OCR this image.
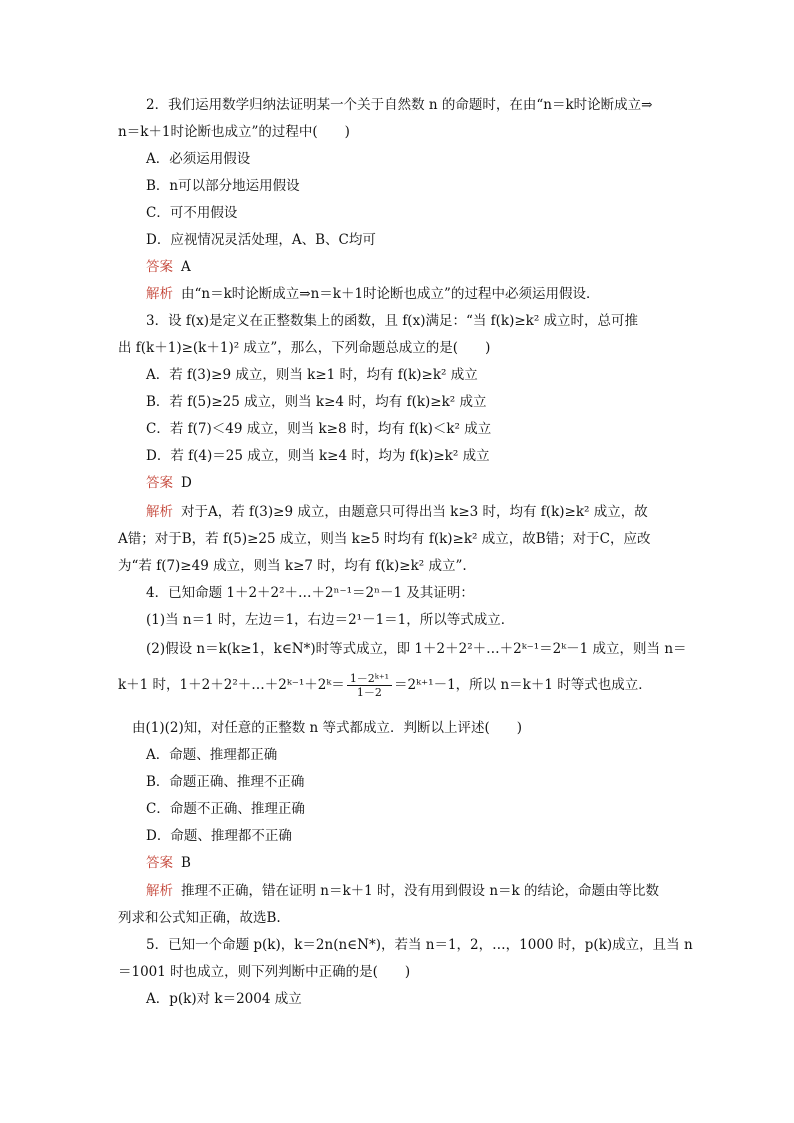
2．我们运用数学归纳法证明某一个关于自然数 n 的命题时，在由“n＝k时论断成立⇒
n＝k＋1时论断也成立”的过程中(　　)
A．必须运用假设
B．n可以部分地运用假设
C．可不用假设
D．应视情况灵活处理，A、B、C均可
答案 A
解析 由“n＝k时论断成立⇒n＝k＋1时论断也成立”的过程中必须运用假设．
3．设 f(x)是定义在正整数集上的函数，且 f(x)满足：“当 f(k)≥k² 成立时，总可推
出 f(k＋1)≥(k＋1)² 成立”，那么，下列命题总成立的是(　　)
A．若 f(3)≥9 成立，则当 k≥1 时，均有 f(k)≥k² 成立
B．若 f(5)≥25 成立，则当 k≥4 时，均有 f(k)≥k² 成立
C．若 f(7)＜49 成立，则当 k≥8 时，均有 f(k)＜k² 成立
D．若 f(4)＝25 成立，则当 k≥4 时，均为 f(k)≥k² 成立
答案 D
解析 对于A，若 f(3)≥9 成立，由题意只可得出当 k≥3 时，均有 f(k)≥k² 成立，故
A错；对于B，若 f(5)≥25 成立，则当 k≥5 时均有 f(k)≥k² 成立，故B错；对于C，应改
为“若 f(7)≥49 成立，则当 k≥7 时，均有 f(k)≥k² 成立”.
4．已知命题 1＋2＋2²＋…＋2ⁿ⁻¹＝2ⁿ－1 及其证明：
(1)当 n＝1 时，左边＝1，右边＝2¹－1＝1，所以等式成立．
(2)假设 n＝k(k≥1，k∈N*)时等式成立，即 1＋2＋2²＋…＋2ᵏ⁻¹＝2ᵏ－1 成立，则当 n＝
k＋1 时，1＋2＋2²＋…＋2ᵏ⁻¹＋2ᵏ＝ $\frac{\text{1－2ᵏ⁺¹}}{1-2}$ ＝2ᵏ⁺¹－1，所以 n＝k＋1 时等式也成立．
由(1)(2)知，对任意的正整数 n 等式都成立．判断以上评述(　　)
A．命题、推理都正确
B．命题正确、推理不正确
C．命题不正确、推理正确
D．命题、推理都不正确
答案 B
解析 推理不正确，错在证明 n＝k＋1 时，没有用到假设 n＝k 的结论，命题由等比数
列求和公式知正确，故选B.
5．已知一个命题 p(k)，k＝2n(n∈N*)，若当 n＝1，2，…，1000 时，p(k)成立，且当 n
＝1001 时也成立，则下列判断中正确的是(　　)
A．p(k)对 k＝2004 成立
